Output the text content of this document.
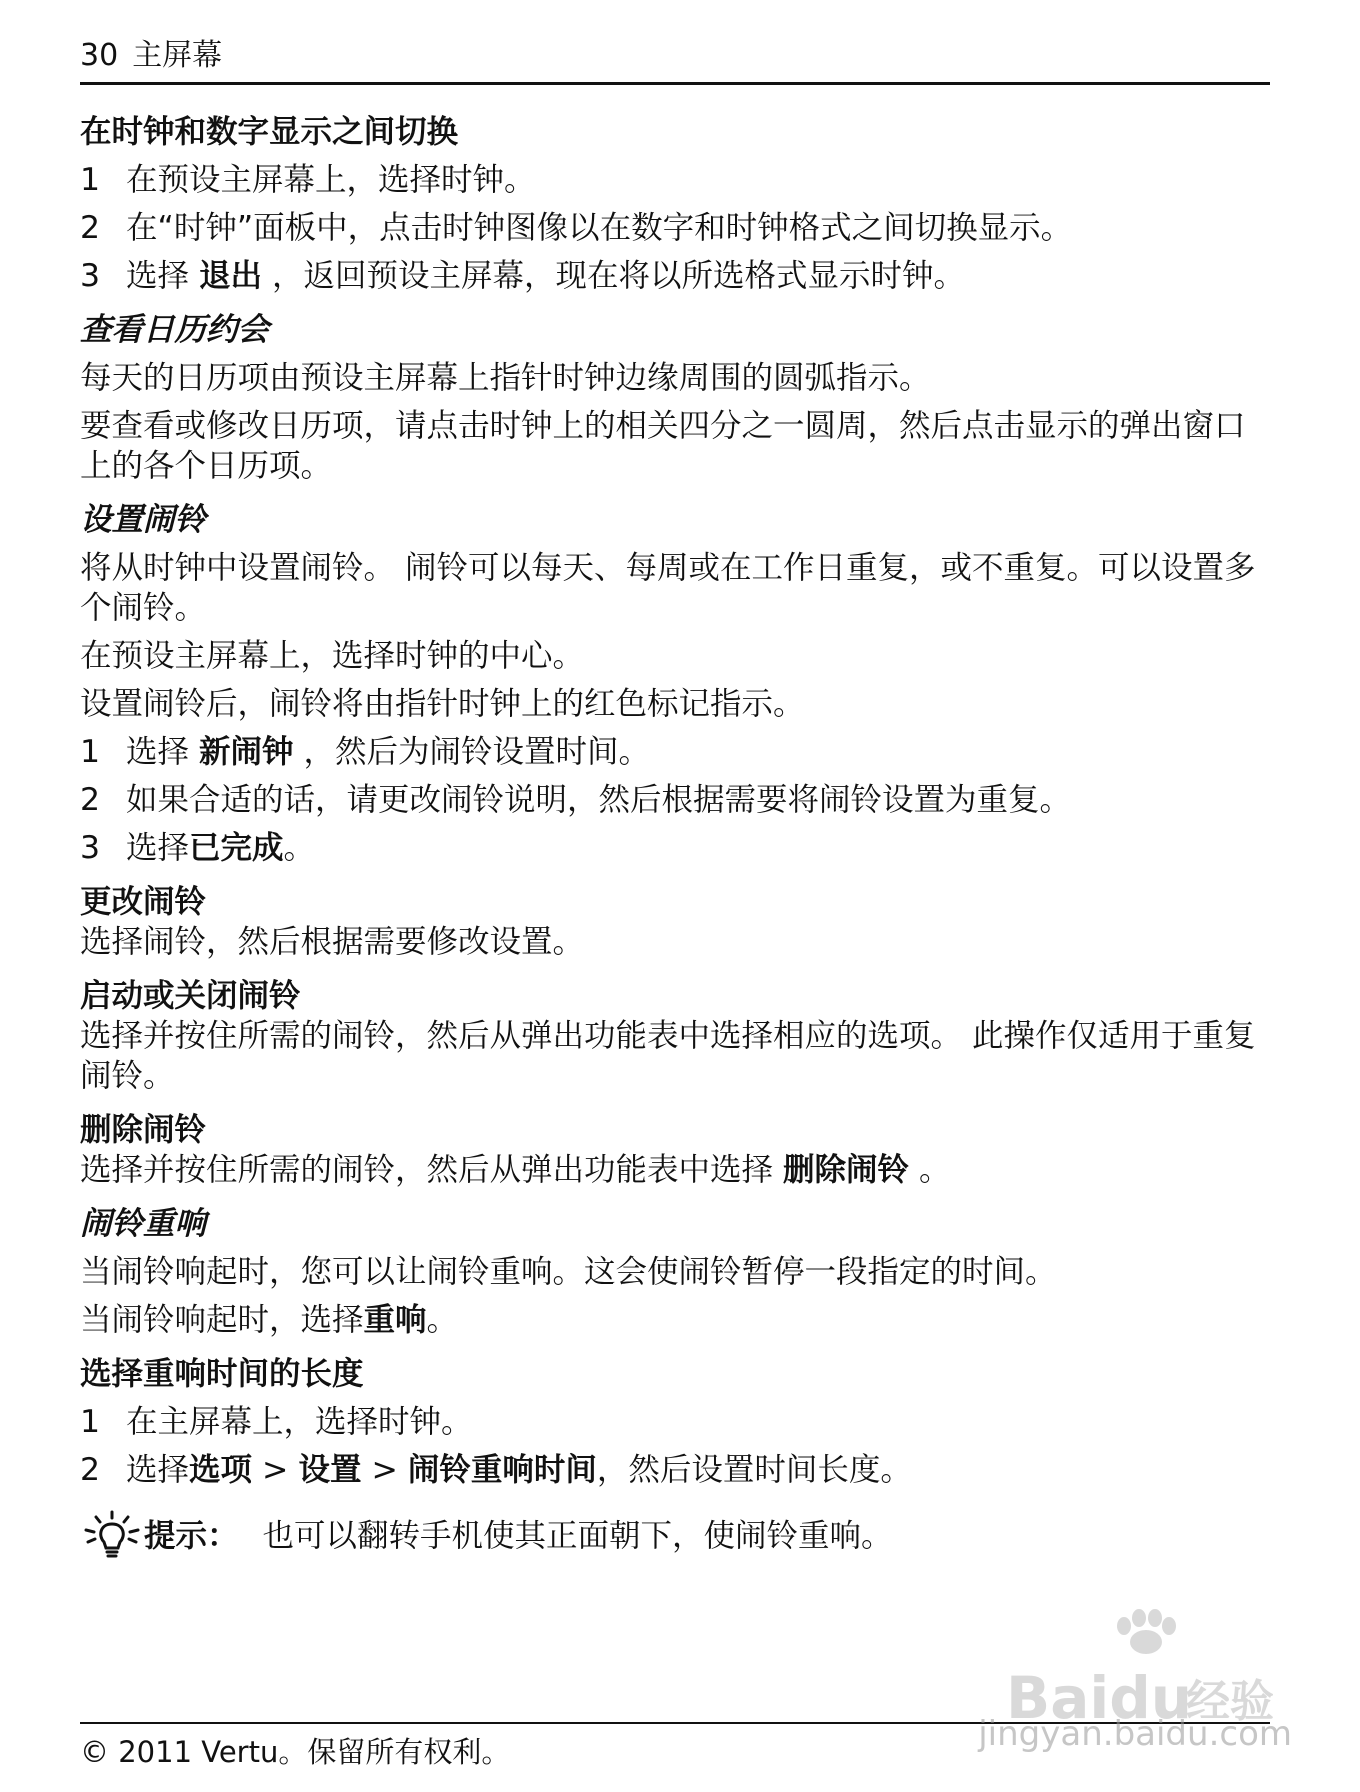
30 主屏幕

在时钟和数字显示之间切换

1 在预设主屏幕上，选择时钟。
2 在“时钟”面板中，点击时钟图像以在数字和时钟格式之间切换显示。
3 选择 退出 ，返回预设主屏幕，现在将以所选格式显示时钟。

查看日历约会

每天的日历项由预设主屏幕上指针时钟边缘周围的圆弧指示。

要查看或修改日历项，请点击时钟上的相关四分之一圆周，然后点击显示的弹出窗口上的各个日历项。

设置闹铃

将从时钟中设置闹铃。 闹铃可以每天、每周或在工作日重复，或不重复。可以设置多个闹铃。

在预设主屏幕上，选择时钟的中心。

设置闹铃后，闹铃将由指针时钟上的红色标记指示。

1 选择 新闹钟 ，然后为闹铃设置时间。
2 如果合适的话，请更改闹铃说明，然后根据需要将闹铃设置为重复。
3 选择已完成。

更改闹铃

选择闹铃，然后根据需要修改设置。

启动或关闭闹铃

选择并按住所需的闹铃，然后从弹出功能表中选择相应的选项。 此操作仅适用于重复闹铃。

删除闹铃

选择并按住所需的闹铃，然后从弹出功能表中选择 删除闹铃 。

闹铃重响

当闹铃响起时，您可以让闹铃重响。这会使闹铃暂停一段指定的时间。

当闹铃响起时，选择重响。

选择重响时间的长度

1 在主屏幕上，选择时钟。
2 选择选项 > 设置 > 闹铃重响时间，然后设置时间长度。
提示： 也可以翻转手机使其正面朝下，使闹铃重响。
© 2011 Vertu。保留所有权利。
Baidu
经验
jingyan.baidu.com
